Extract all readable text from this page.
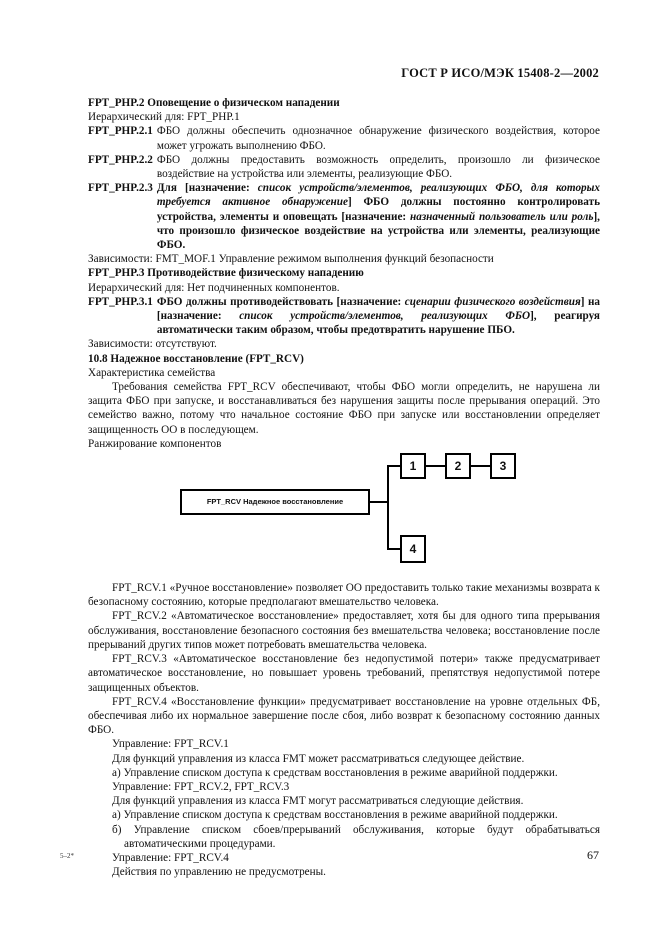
ГОСТ Р ИСО/МЭК 15408-2—2002

FPT_PHP.2 Оповещение о физическом нападении

Иерархический для: FPT_PHP.1

FPT_PHP.2.1 ФБО должны обеспечить однозначное обнаружение физического воздействия, которое может угрожать выполнению ФБО.
FPT_PHP.2.2 ФБО должны предоставить возможность определить, произошло ли физическое воздействие на устройства или элементы, реализующие ФБО.
FPT_PHP.2.3 Для [назначение: список устройств/элементов, реализующих ФБО, для которых требуется активное обнаружение] ФБО должны постоянно контролировать устройства, элементы и оповещать [назначение: назначенный пользователь или роль], что произошло физическое воздействие на устройства или элементы, реализующие ФБО.

Зависимости: FMT_MOF.1 Управление режимом выполнения функций безопасности

FPT_PHP.3 Противодействие физическому нападению

Иерархический для: Нет подчиненных компонентов.

FPT_PHP.3.1 ФБО должны противодействовать [назначение: сценарии физического воздействия] на [назначение: список устройств/элементов, реализующих ФБО], реагируя автоматически таким образом, чтобы предотвратить нарушение ПБО.

Зависимости: отсутствуют.

10.8 Надежное восстановление (FPT_RCV)

Характеристика семейства

Требования семейства FPT_RCV обеспечивают, чтобы ФБО могли определить, не нарушена ли защита ФБО при запуске, и восстанавливаться без нарушения защиты после прерывания операций. Это семейство важно, потому что начальное состояние ФБО при запуске или восстановлении определяет защищенность ОО в последующем.

Ранжирование компонентов

FPT_RCV Надежное восстановление
1	2	3
4

FPT_RCV.1 «Ручное восстановление» позволяет ОО предоставить только такие механизмы возврата к безопасному состоянию, которые предполагают вмешательство человека.

FPT_RCV.2 «Автоматическое восстановление» предоставляет, хотя бы для одного типа прерывания обслуживания, восстановление безопасного состояния без вмешательства человека; восстановление после прерываний других типов может потребовать вмешательства человека.

FPT_RCV.3 «Автоматическое восстановление без недопустимой потери» также предусматривает автоматическое восстановление, но повышает уровень требований, препятствуя недопустимой потере защищенных объектов.

FPT_RCV.4 «Восстановление функции» предусматривает восстановление на уровне отдельных ФБ, обеспечивая либо их нормальное завершение после сбоя, либо возврат к безопасному состоянию данных ФБО.

Управление: FPT_RCV.1

Для функций управления из класса FMT может рассматриваться следующее действие.

а) Управление списком доступа к средствам восстановления в режиме аварийной поддержки.

Управление: FPT_RCV.2, FPT_RCV.3

Для функций управления из класса FMT могут рассматриваться следующие действия.

а) Управление списком доступа к средствам восстановления в режиме аварийной поддержки.

б) Управление списком сбоев/прерываний обслуживания, которые будут обрабатываться автоматическими процедурами.

Управление: FPT_RCV.4

Действия по управлению не предусмотрены.

5–2*	67
